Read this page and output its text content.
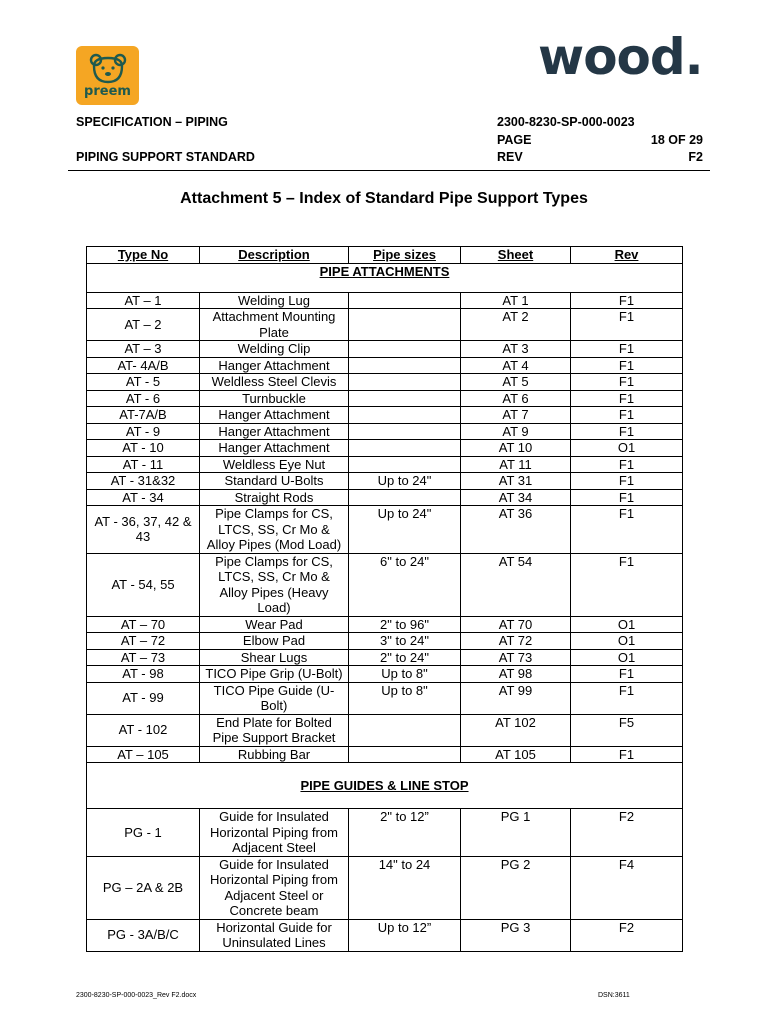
preem
wood.
SPECIFICATION – PIPING	2300-8230-SP-000-0023
PAGE	18 OF 29
PIPING SUPPORT STANDARD	REV	F2
Attachment 5 – Index of Standard Pipe Support Types
Type No	Description	Pipe sizes	Sheet	Rev
PIPE ATTACHMENTS				
AT – 1	Welding Lug		AT 1	F1
AT – 2	Attachment Mounting Plate		AT 2	F1
AT – 3	Welding Clip		AT 3	F1
AT- 4A/B	Hanger Attachment		AT 4	F1
AT - 5	Weldless Steel Clevis		AT 5	F1
AT - 6	Turnbuckle		AT 6	F1
AT-7A/B	Hanger Attachment		AT 7	F1
AT - 9	Hanger Attachment		AT 9	F1
AT - 10	Hanger Attachment		AT 10	O1
AT - 11	Weldless Eye Nut		AT 11	F1
AT - 31&32	Standard U-Bolts	Up to 24"	AT 31	F1
AT - 34	Straight Rods		AT 34	F1
AT - 36, 37, 42 & 43	Pipe Clamps for CS, LTCS, SS, Cr Mo & Alloy Pipes (Mod Load)	Up to 24"	AT 36	F1
AT - 54, 55	Pipe Clamps for CS, LTCS, SS, Cr Mo & Alloy Pipes (Heavy Load)	6" to 24"	AT 54	F1
AT – 70	Wear Pad	2" to 96"	AT 70	O1
AT – 72	Elbow Pad	3" to 24"	AT 72	O1
AT – 73	Shear Lugs	2" to 24"	AT 73	O1
AT - 98	TICO Pipe Grip (U-Bolt)	Up to 8"	AT 98	F1
AT - 99	TICO Pipe Guide (U-Bolt)	Up to 8"	AT 99	F1
AT - 102	End Plate for Bolted Pipe Support Bracket		AT 102	F5
AT – 105	Rubbing Bar		AT 105	F1
PIPE GUIDES & LINE STOP				
PG - 1	Guide for Insulated Horizontal Piping from Adjacent Steel	2" to 12”	PG 1	F2
PG – 2A & 2B	Guide for Insulated Horizontal Piping from Adjacent Steel or Concrete beam	14" to 24	PG 2	F4
PG - 3A/B/C	Horizontal Guide for Uninsulated Lines	Up to 12”	PG 3	F2
2300-8230-SP-000-0023_Rev F2.docx	DSN:3611
